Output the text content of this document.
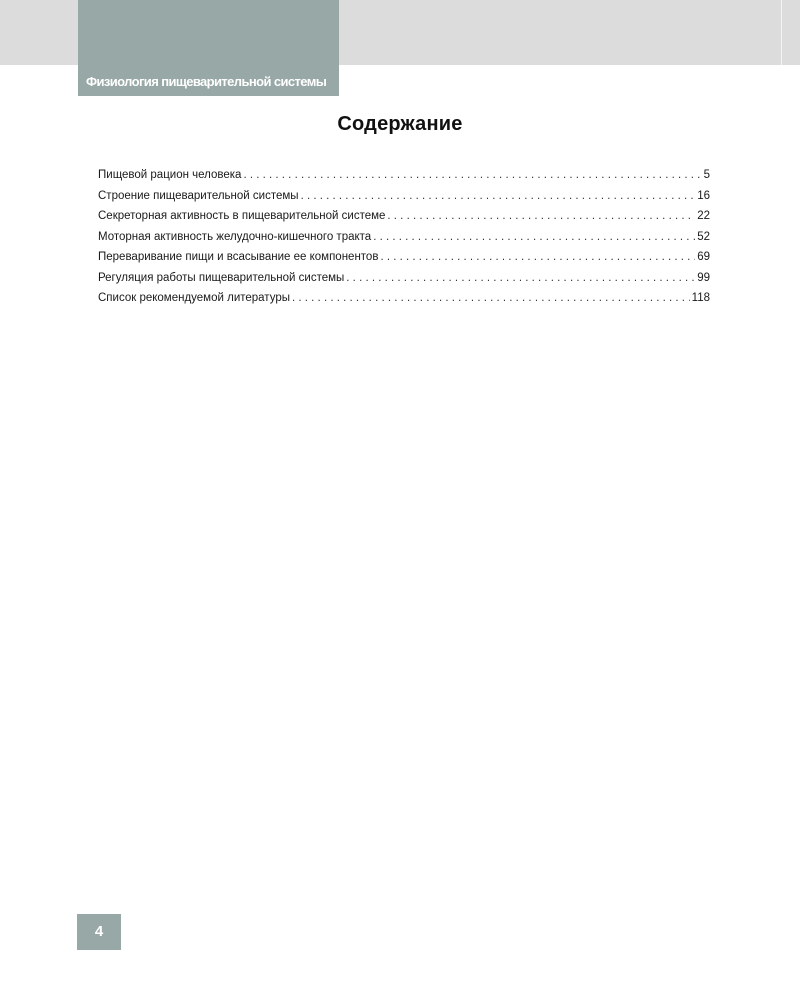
Физиология пищеварительной системы
Содержание
Пищевой рацион человека . . .	5
Строение пищеварительной системы . . .	16
Секреторная активность в пищеварительной системе . . .	22
Моторная активность желудочно-кишечного тракта . . .	52
Переваривание пищи и всасывание ее компонентов . . .	69
Регуляция работы пищеварительной системы . . .	99
Список рекомендуемой литературы . . .	118
4
